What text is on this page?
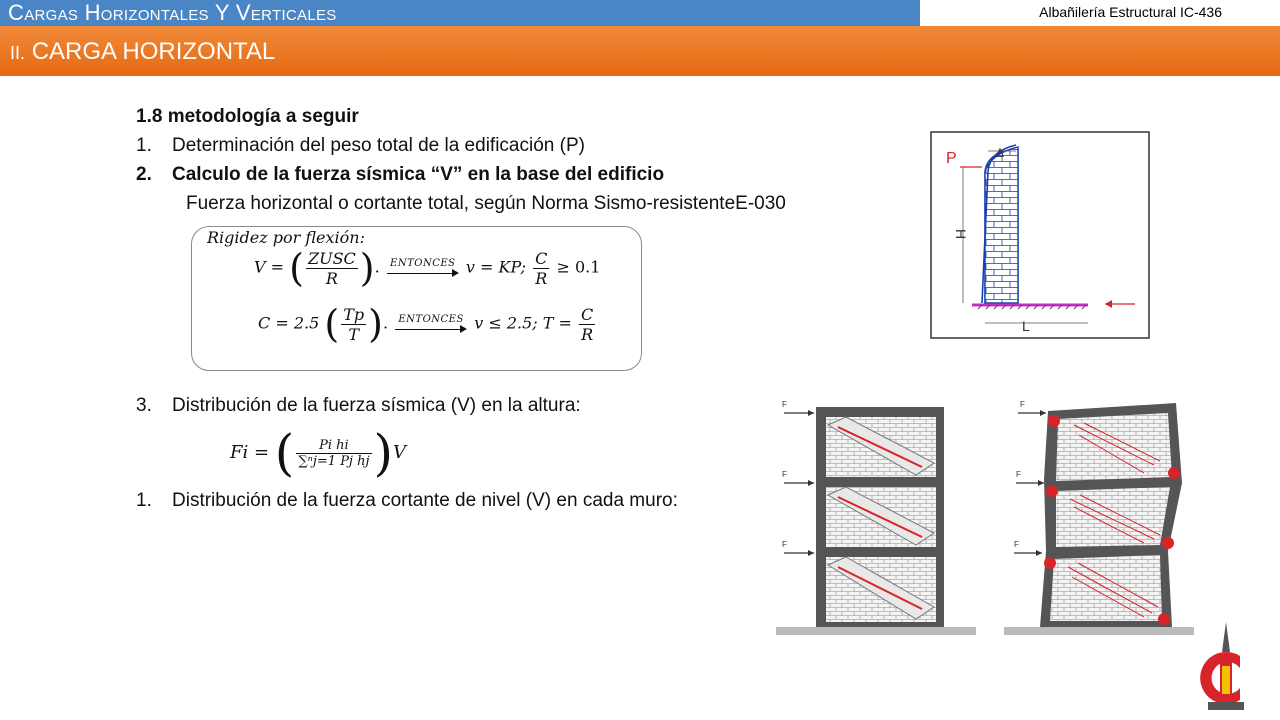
Cargas Horizontales Y Verticales	Albañilería Estructural IC-436
II. CARGA HORIZONTAL
1.8 metodología a seguir
1. Determinación del peso total de la edificación (P)
2. Calculo de la fuerza sísmica “V” en la base del edificio
Fuerza horizontal o cortante total, según Norma Sismo-resistenteE-030
Rigidez por flexión:
V = ( $\frac{\text{ZUSC}}{R}$ ). ENTONCES v = KP; $\frac{C}{R} \ge 0.1$
C = 2.5 ( $\frac{Tp}{T}$ ). ENTONCES v ≤ 2.5; $T = \frac{C}{R}$
3. Distribución de la fuerza sísmica (V) en la altura:
Fi = ( $\frac{\text{Pi hi}}{\text{∑ⁿj=1 Pj hj}} )V$
1. Distribución de la fuerza cortante de nivel (V) en cada muro:
P	Δ
H
L
F
F
F
F
F
F
